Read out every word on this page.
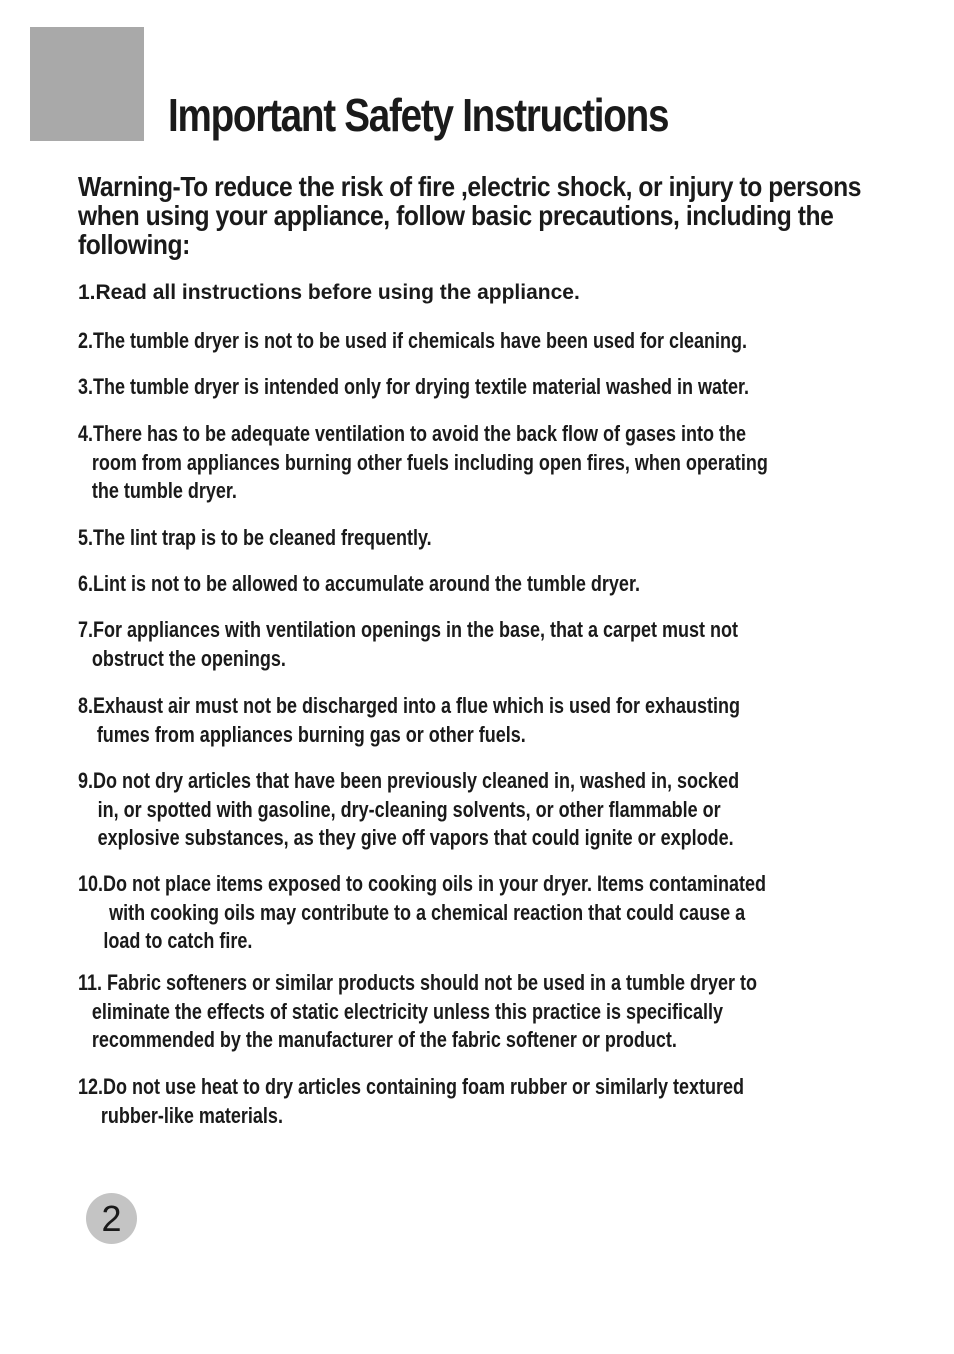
Important Safety Instructions

Warning-To reduce the risk of fire ,electric shock, or injury to persons when using your appliance, follow basic precautions, including the following:

1.Read all instructions before using the appliance.

2.The tumble dryer is not to be used if chemicals have been used for cleaning.

3.The tumble dryer is intended only for drying textile material washed in water.

4.There has to be adequate ventilation to avoid the back flow of gases into the
room from appliances burning other fuels including open fires, when operating
the tumble dryer.

5.The lint trap is to be cleaned frequently.

6.Lint is not to be allowed to accumulate around the tumble dryer.

7.For appliances with ventilation openings in the base, that a carpet must not
obstruct the openings.

8.Exhaust air must not be discharged into a flue which is used for exhausting
fumes from appliances burning gas or other fuels.

9.Do not dry articles that have been previously cleaned in, washed in, socked
in, or spotted with gasoline, dry-cleaning solvents, or other flammable or
explosive substances, as they give off vapors that could ignite or explode.

10.Do not place items exposed to cooking oils in your dryer. Items contaminated
with cooking oils may contribute to a chemical reaction that could cause a
load to catch fire.

11. Fabric softeners or similar products should not be used in a tumble dryer to
eliminate the effects of static electricity unless this practice is specifically
recommended by the manufacturer of the fabric softener or product.

12.Do not use heat to dry articles containing foam rubber or similarly textured
rubber-like materials.

2
